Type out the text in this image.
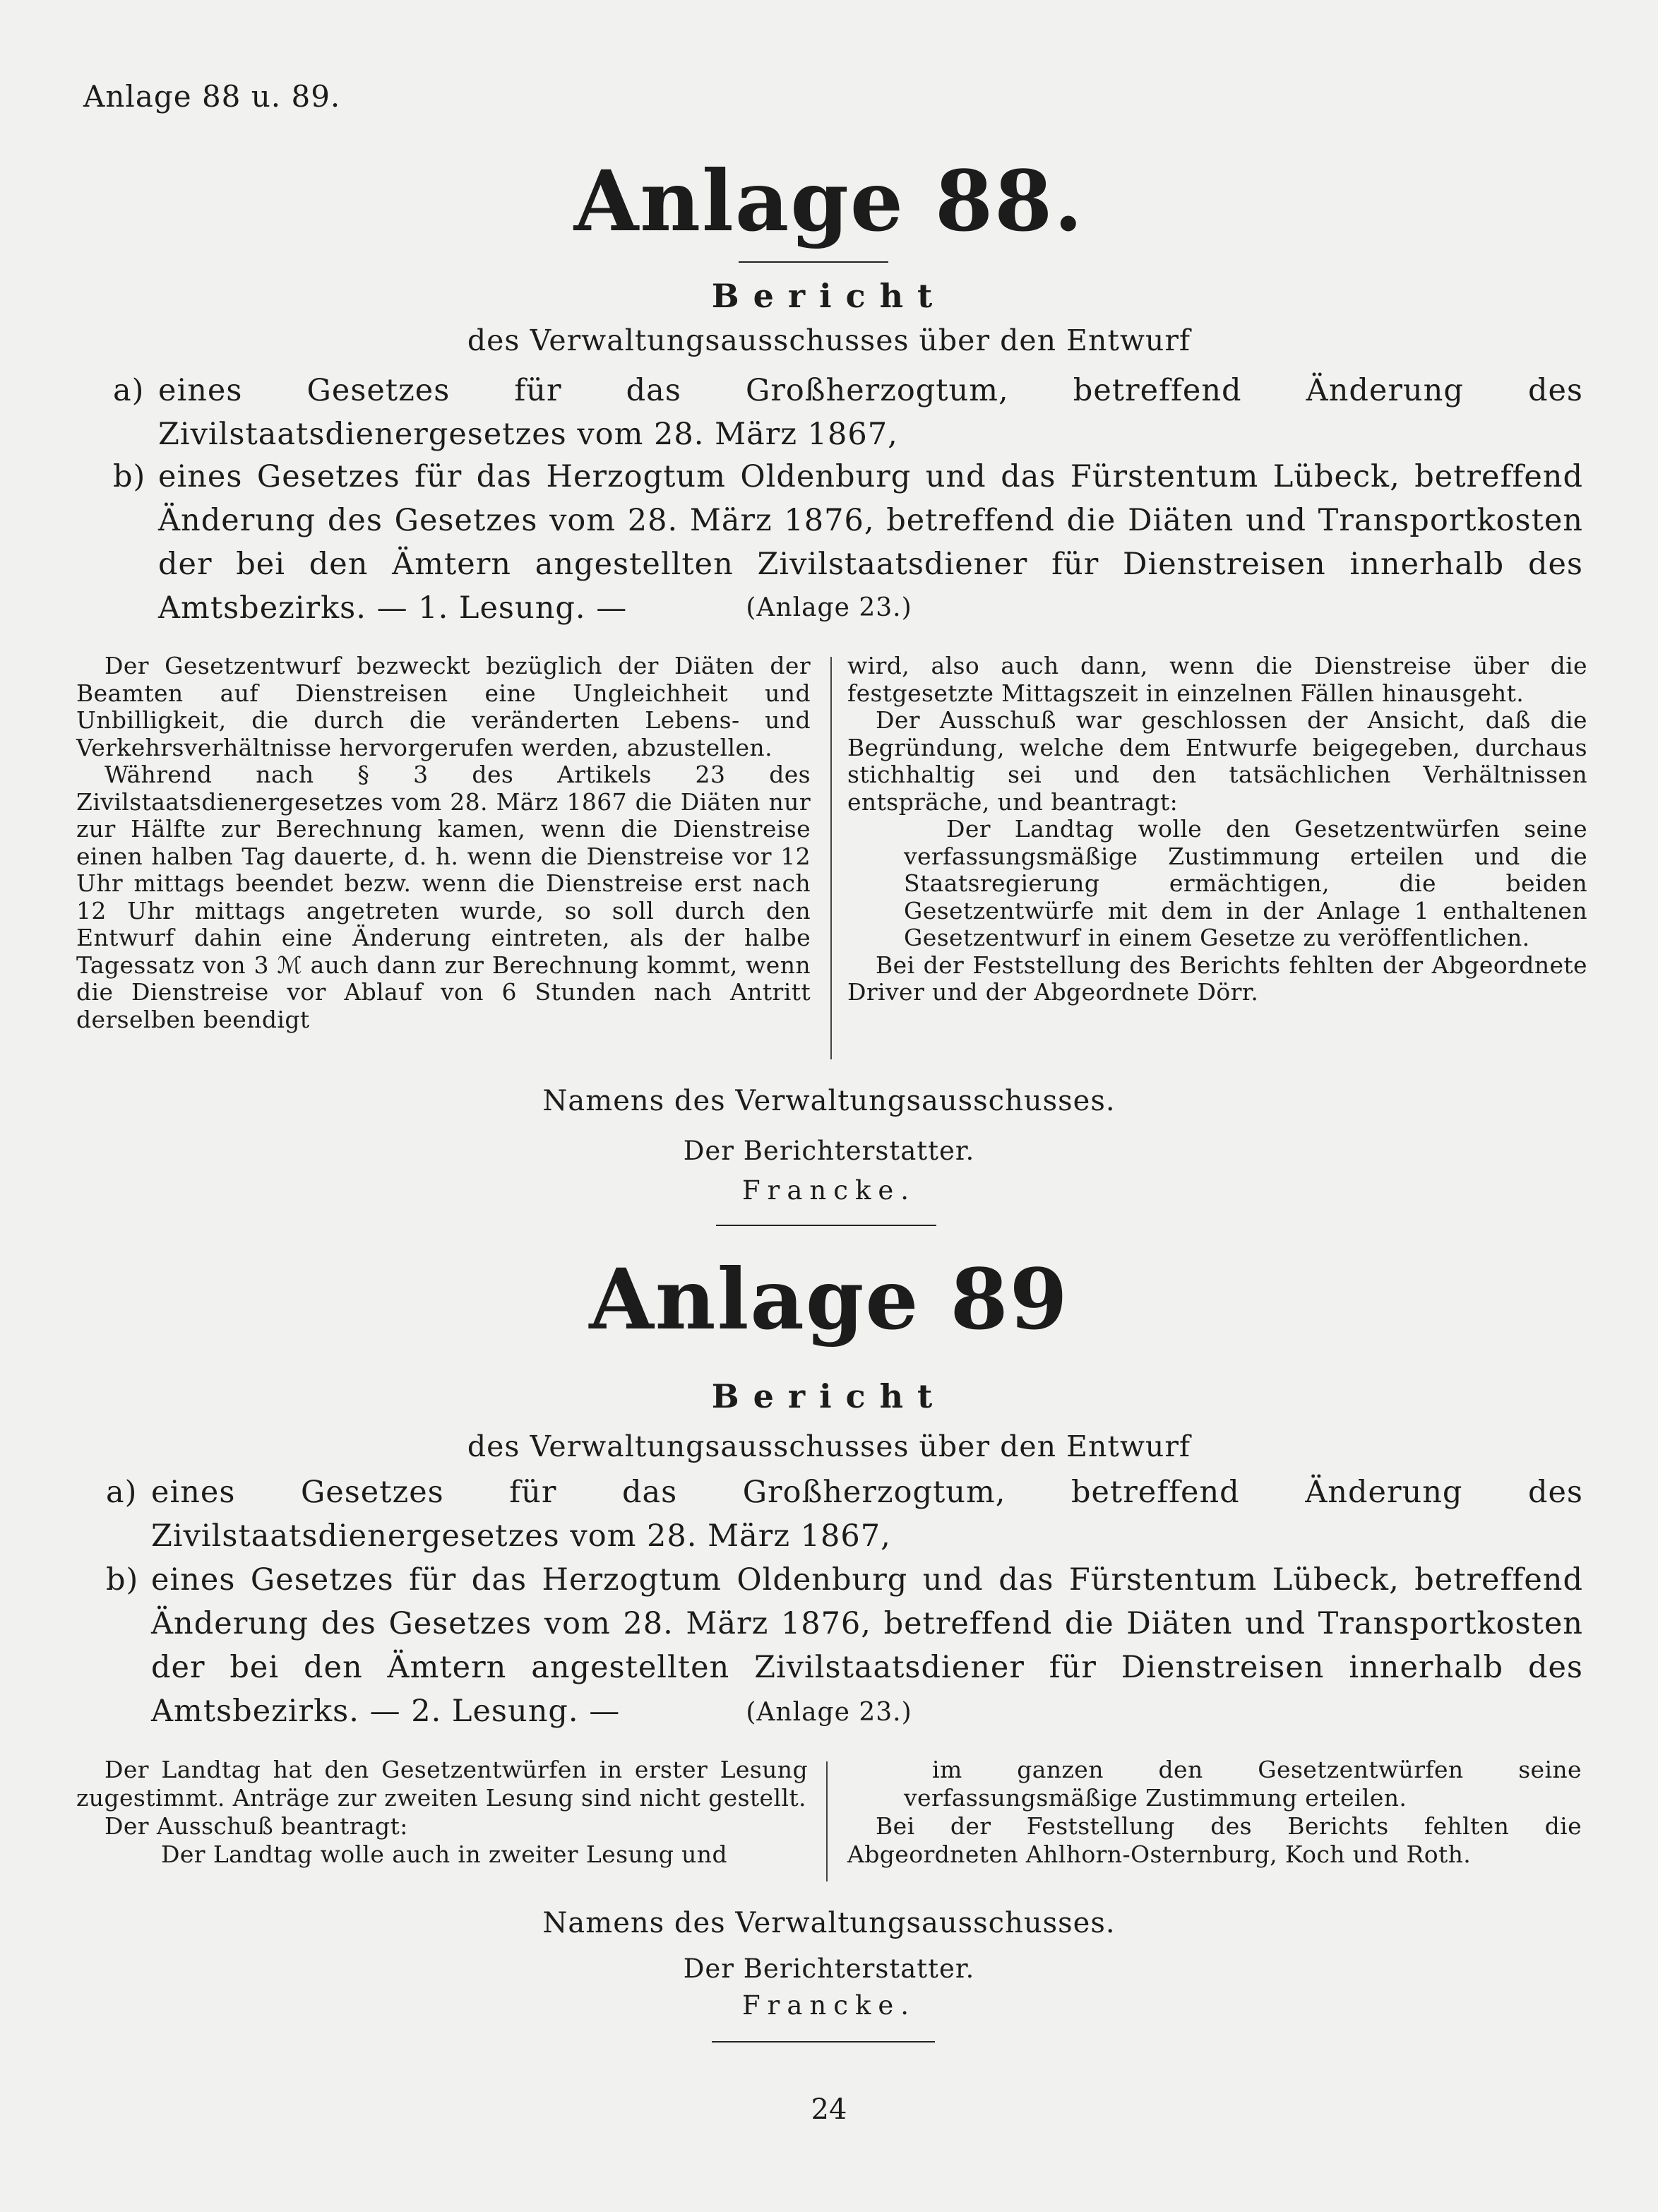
Anlage 88 u. 89.
Anlage 88.
Bericht
des Verwaltungsausschusses über den Entwurf
a) eines Gesetzes für das Großherzogtum, betreffend Änderung des Zivilstaatsdienergesetzes vom 28. März 1867,
b) eines Gesetzes für das Herzogtum Oldenburg und das Fürstentum Lübeck, betreffend Änderung des Gesetzes vom 28. März 1876, betreffend die Diäten und Transportkosten der bei den Ämtern angestellten Zivilstaatsdiener für Dienstreisen innerhalb des Amtsbezirks. — 1. Lesung. —	(Anlage 23.)

Der Gesetzentwurf bezweckt bezüglich der Diäten der Beamten auf Dienstreisen eine Ungleichheit und Unbilligkeit, die durch die veränderten Lebens- und Verkehrsverhältnisse hervorgerufen werden, abzustellen.

Während nach § 3 des Artikels 23 des Zivilstaatsdienergesetzes vom 28. März 1867 die Diäten nur zur Hälfte zur Berechnung kamen, wenn die Dienstreise einen halben Tag dauerte, d. h. wenn die Dienstreise vor 12 Uhr mittags beendet bezw. wenn die Dienstreise erst nach 12 Uhr mittags angetreten wurde, so soll durch den Entwurf dahin eine Änderung eintreten, als der halbe Tagessatz von 3 ℳ auch dann zur Berechnung kommt, wenn die Dienstreise vor Ablauf von 6 Stunden nach Antritt derselben beendigt

wird, also auch dann, wenn die Dienstreise über die festgesetzte Mittagszeit in einzelnen Fällen hinausgeht.

Der Ausschuß war geschlossen der Ansicht, daß die Begründung, welche dem Entwurfe beigegeben, durchaus stichhaltig sei und den tatsächlichen Verhältnissen entspräche, und beantragt:

Der Landtag wolle den Gesetzentwürfen seine verfassungsmäßige Zustimmung erteilen und die Staatsregierung ermächtigen, die beiden Gesetzentwürfe mit dem in der Anlage 1 enthaltenen Gesetzentwurf in einem Gesetze zu veröffentlichen.

Bei der Feststellung des Berichts fehlten der Abgeordnete Driver und der Abgeordnete Dörr.

Namens des Verwaltungsausschusses.
Der Berichterstatter.
Francke.
Anlage 89
Bericht
des Verwaltungsausschusses über den Entwurf
a) eines Gesetzes für das Großherzogtum, betreffend Änderung des Zivilstaatsdienergesetzes vom 28. März 1867,
b) eines Gesetzes für das Herzogtum Oldenburg und das Fürstentum Lübeck, betreffend Änderung des Gesetzes vom 28. März 1876, betreffend die Diäten und Transportkosten der bei den Ämtern angestellten Zivilstaatsdiener für Dienstreisen innerhalb des Amtsbezirks. — 2. Lesung. —	(Anlage 23.)

Der Landtag hat den Gesetzentwürfen in erster Lesung zugestimmt. Anträge zur zweiten Lesung sind nicht gestellt.

Der Ausschuß beantragt:

Der Landtag wolle auch in zweiter Lesung und

im ganzen den Gesetzentwürfen seine verfassungsmäßige Zustimmung erteilen.

Bei der Feststellung des Berichts fehlten die Abgeordneten Ahlhorn-Osternburg, Koch und Roth.

Namens des Verwaltungsausschusses.
Der Berichterstatter.
Francke.
24
